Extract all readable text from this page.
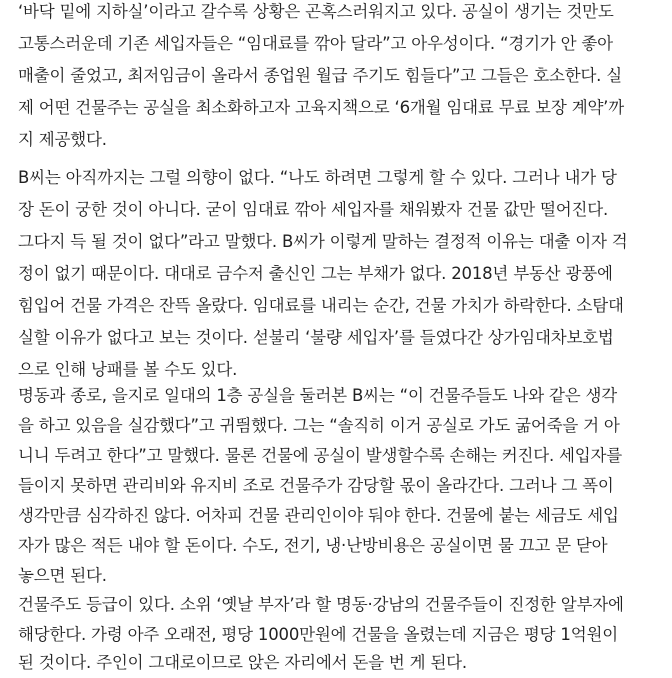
‘바닥 밑에 지하실’이라고 갈수록 상황은 곤혹스러워지고 있다. 공실이 생기는 것만도
고통스러운데 기존 세입자들은 “임대료를 깎아 달라”고 아우성이다. “경기가 안 좋아
매출이 줄었고, 최저임금이 올라서 종업원 월급 주기도 힘들다”고 그들은 호소한다. 실
제 어떤 건물주는 공실을 최소화하고자 고육지책으로 ‘6개월 임대료 무료 보장 계약’까
지 제공했다.
B씨는 아직까지는 그럴 의향이 없다. “나도 하려면 그렇게 할 수 있다. 그러나 내가 당
장 돈이 궁한 것이 아니다. 굳이 임대료 깎아 세입자를 채워봤자 건물 값만 떨어진다.
그다지 득 될 것이 없다”라고 말했다. B씨가 이렇게 말하는 결정적 이유는 대출 이자 걱
정이 없기 때문이다. 대대로 금수저 출신인 그는 부채가 없다. 2018년 부동산 광풍에
힘입어 건물 가격은 잔뜩 올랐다. 임대료를 내리는 순간, 건물 가치가 하락한다. 소탐대
실할 이유가 없다고 보는 것이다. 섣불리 ‘불량 세입자’를 들였다간 상가임대차보호법
으로 인해 낭패를 볼 수도 있다.
명동과 종로, 을지로 일대의 1층 공실을 둘러본 B씨는 “이 건물주들도 나와 같은 생각
을 하고 있음을 실감했다”고 귀띔했다. 그는 “솔직히 이거 공실로 가도 굶어죽을 거 아
니니 두려고 한다”고 말했다. 물론 건물에 공실이 발생할수록 손해는 커진다. 세입자를
들이지 못하면 관리비와 유지비 조로 건물주가 감당할 몫이 올라간다. 그러나 그 폭이
생각만큼 심각하진 않다. 어차피 건물 관리인이야 둬야 한다. 건물에 붙는 세금도 세입
자가 많은 적든 내야 할 돈이다. 수도, 전기, 냉·난방비용은 공실이면 물 끄고 문 닫아
놓으면 된다.
건물주도 등급이 있다. 소위 ‘옛날 부자’라 할 명동·강남의 건물주들이 진정한 알부자에
해당한다. 가령 아주 오래전, 평당 1000만원에 건물을 올렸는데 지금은 평당 1억원이
된 것이다. 주인이 그대로이므로 앉은 자리에서 돈을 번 게 된다.
